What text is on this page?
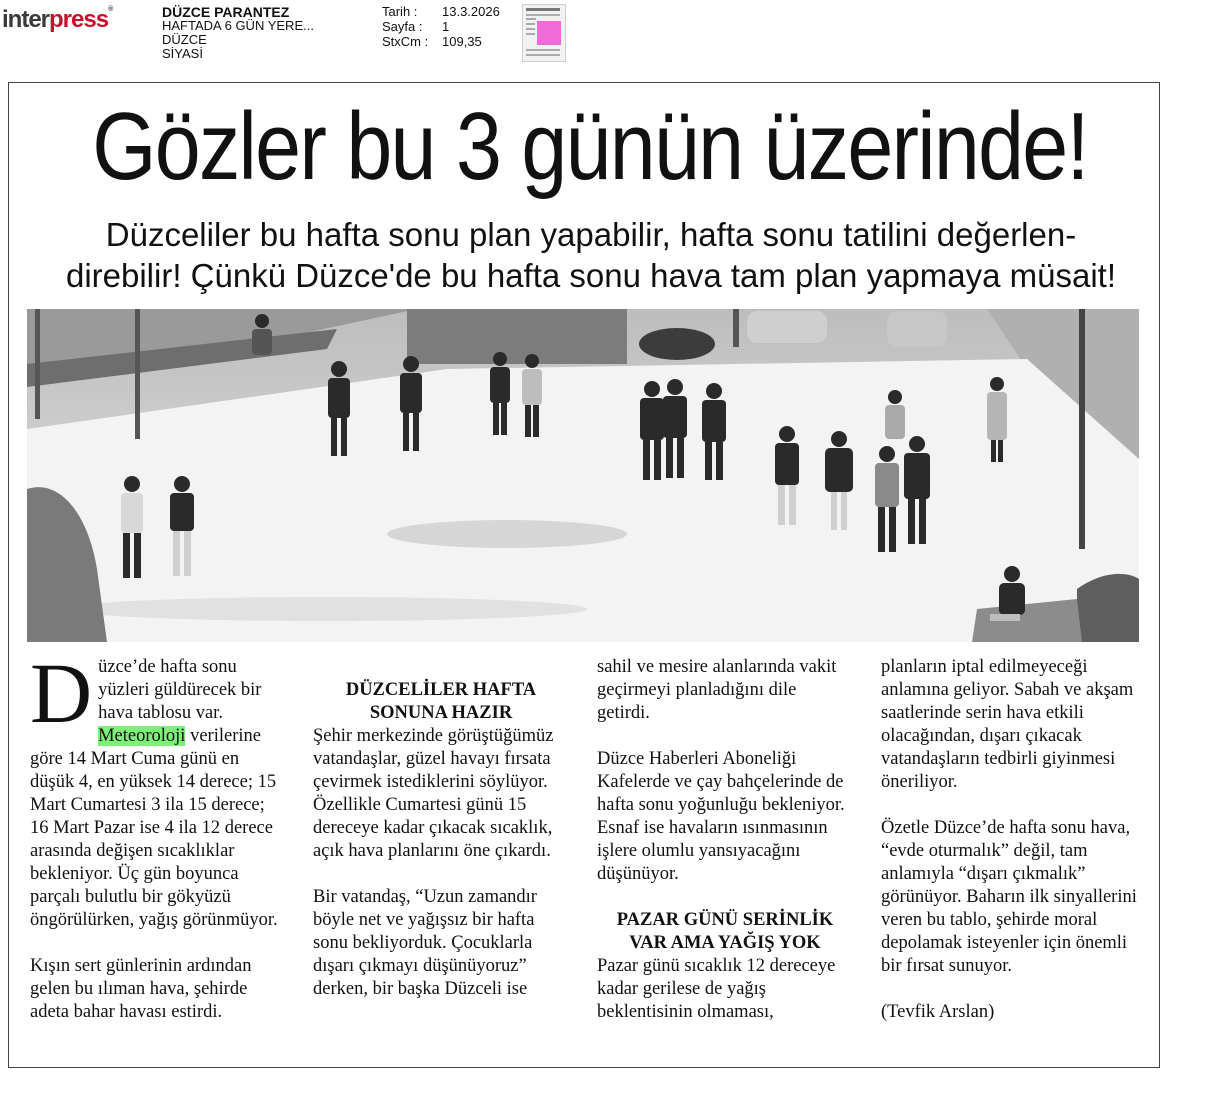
interpress®	DÜZCE PARANTEZ
HAFTADA 6 GÜN YERE...
DÜZCE
SİYASİ
Tarih :	13.3.2026
Sayfa :	1
StxCm :	109,35
Gözler bu 3 günün üzerinde!
Düzceliler bu hafta sonu plan yapabilir, hafta sonu tatilini değerlen-
direbilir! Çünkü Düzce'de bu hafta sonu hava tam plan yapmaya müsait!
D üzce’de hafta sonu yüzleri güldürecek bir hava tablosu var. Meteoroloji verilerine göre 14 Mart Cuma günü en düşük 4, en yüksek 14 derece; 15 Mart Cumartesi 3 ila 15 derece; 16 Mart Pazar ise 4 ila 12 derece arasında değişen sıcaklıklar bekleniyor. Üç gün boyunca parçalı bulutlu bir gökyüzü öngörülürken, yağış görünmüyor.

Kışın sert günlerinin ardından gelen bu ılıman hava, şehirde adeta bahar havası estirdi.

DÜZCELİLER HAFTA SONUNA HAZIR

Şehir merkezinde görüştüğümüz vatandaşlar, güzel havayı fırsata çevirmek istediklerini söylüyor. Özellikle Cumartesi günü 15 dereceye kadar çıkacak sıcaklık, açık hava planlarını öne çıkardı.

Bir vatandaş, “Uzun zamandır böyle net ve yağışsız bir hafta sonu bekliyorduk. Çocuklarla dışarı çıkmayı düşünüyoruz” derken, bir başka Düzceli ise

sahil ve mesire alanlarında vakit geçirmeyi planladığını dile getirdi.

Düzce Haberleri Aboneliği Kafelerde ve çay bahçelerinde de hafta sonu yoğunluğu bekleniyor. Esnaf ise havaların ısınmasının işlere olumlu yansıyacağını düşünüyor.

PAZAR GÜNÜ SERİNLİK VAR AMA YAĞIŞ YOK

Pazar günü sıcaklık 12 dereceye kadar gerilese de yağış beklentisinin olmaması,

planların iptal edilmeyeceği anlamına geliyor. Sabah ve akşam saatlerinde serin hava etkili olacağından, dışarı çıkacak vatandaşların tedbirli giyinmesi öneriliyor.

Özetle Düzce’de hafta sonu hava, “evde oturmalık” değil, tam anlamıyla “dışarı çıkmalık” görünüyor. Baharın ilk sinyallerini veren bu tablo, şehirde moral depolamak isteyenler için önemli bir fırsat sunuyor.

(Tevfik Arslan)
